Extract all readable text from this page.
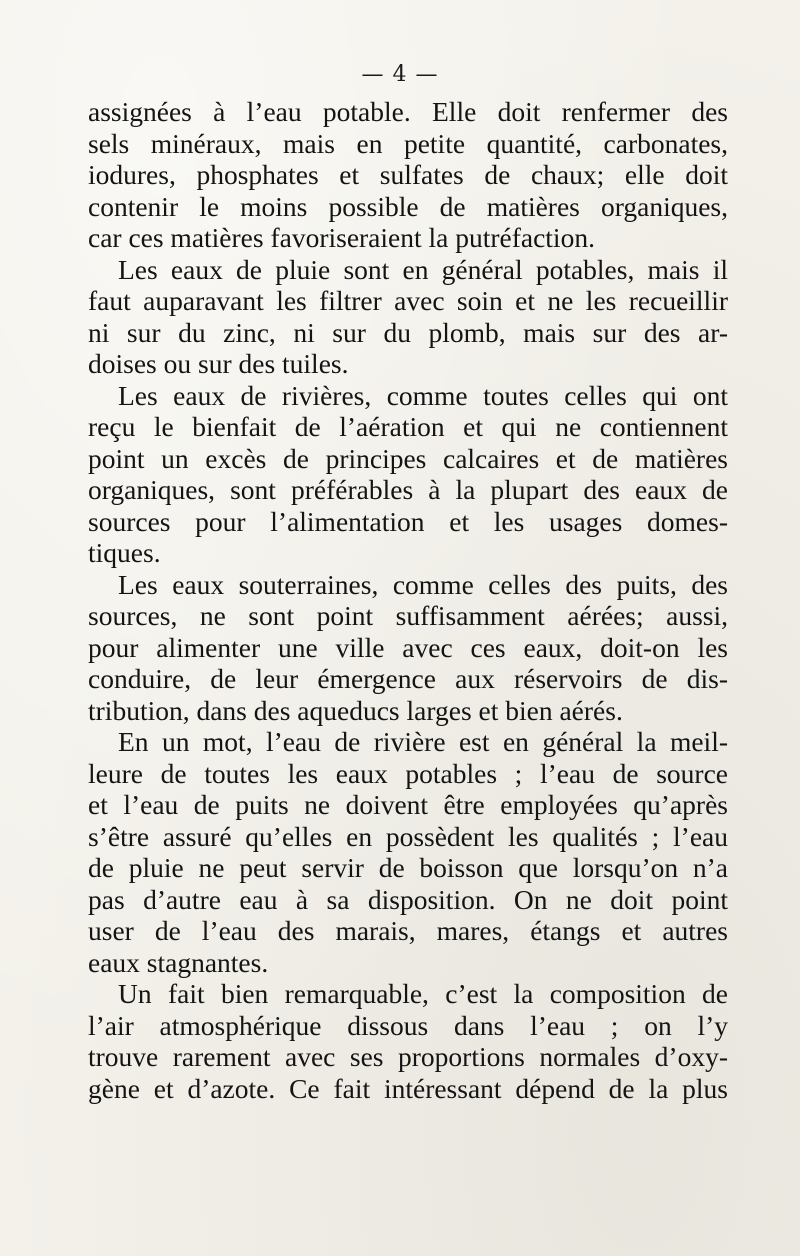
— 4 —
assignées à l’eau potable. Elle doit renfermer des
sels minéraux, mais en petite quantité, carbonates,
iodures, phosphates et sulfates de chaux; elle doit
contenir le moins possible de matières organiques,
car ces matières favoriseraient la putréfaction.
Les eaux de pluie sont en général potables, mais il
faut auparavant les filtrer avec soin et ne les recueillir
ni sur du zinc, ni sur du plomb, mais sur des ar-
doises ou sur des tuiles.
Les eaux de rivières, comme toutes celles qui ont
reçu le bienfait de l’aération et qui ne contiennent
point un excès de principes calcaires et de matières
organiques, sont préférables à la plupart des eaux de
sources pour l’alimentation et les usages domes-
tiques.
Les eaux souterraines, comme celles des puits, des
sources, ne sont point suffisamment aérées; aussi,
pour alimenter une ville avec ces eaux, doit-on les
conduire, de leur émergence aux réservoirs de dis-
tribution, dans des aqueducs larges et bien aérés.
En un mot, l’eau de rivière est en général la meil-
leure de toutes les eaux potables ; l’eau de source
et l’eau de puits ne doivent être employées qu’après
s’être assuré qu’elles en possèdent les qualités ; l’eau
de pluie ne peut servir de boisson que lorsqu’on n’a
pas d’autre eau à sa disposition. On ne doit point
user de l’eau des marais, mares, étangs et autres
eaux stagnantes.
Un fait bien remarquable, c’est la composition de
l’air atmosphérique dissous dans l’eau ; on l’y
trouve rarement avec ses proportions normales d’oxy-
gène et d’azote. Ce fait intéressant dépend de la plus
